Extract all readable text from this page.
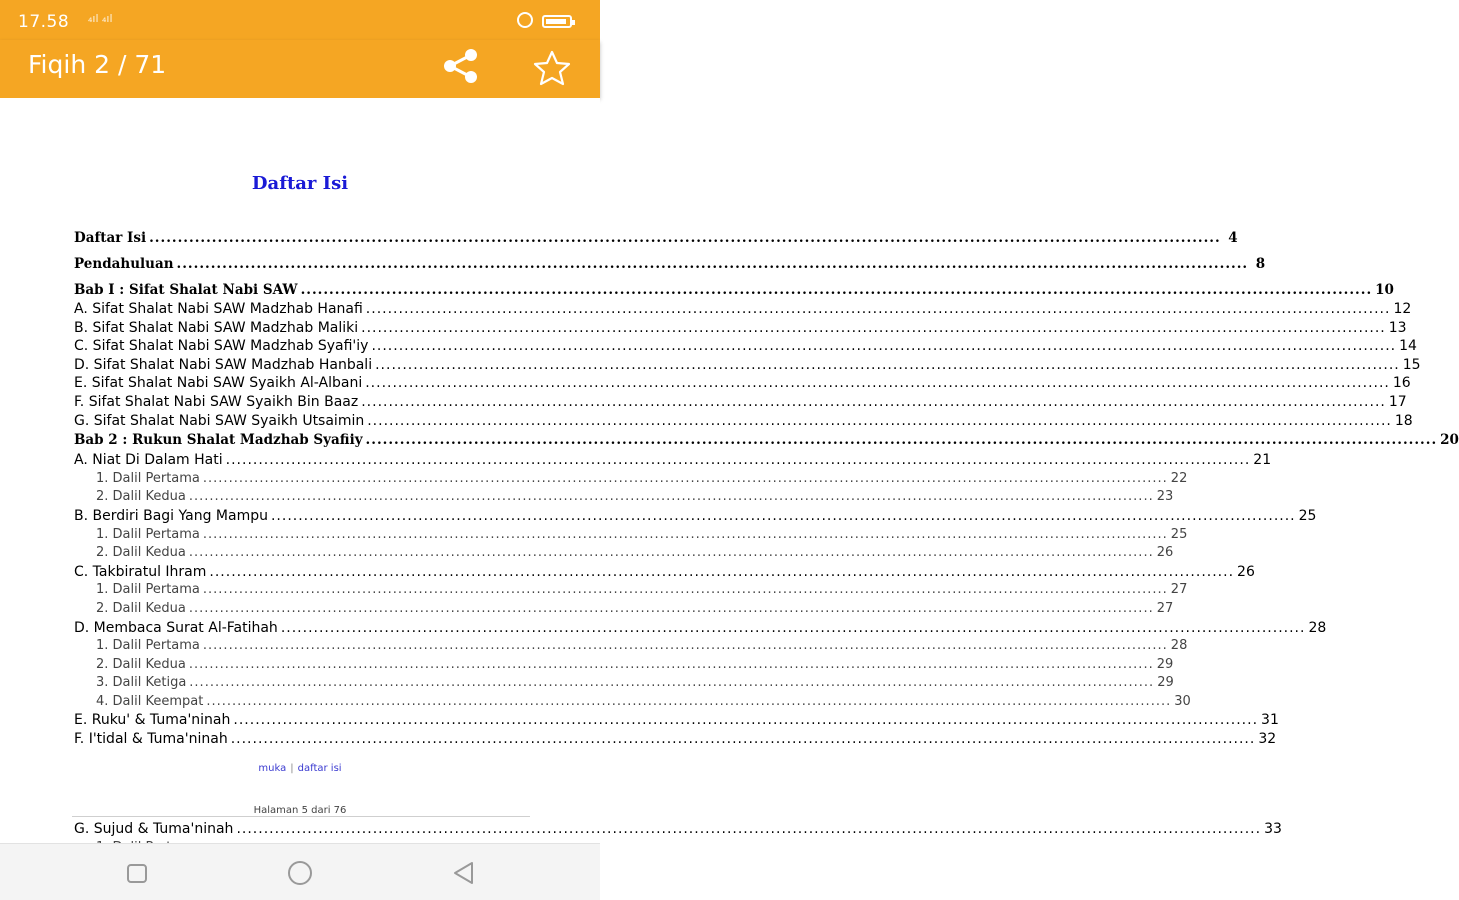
17.58 ₄ıl ₄ıl
Fiqih 2 / 71
Daftar Isi
Daftar Isi .....	4
Pendahuluan .....	8
Bab I : Sifat Shalat Nabi SAW .....	10
A. Sifat Shalat Nabi SAW Madzhab Hanafi .....	12
B. Sifat Shalat Nabi SAW Madzhab Maliki .....	13
C. Sifat Shalat Nabi SAW Madzhab Syafi'iy .....	14
D. Sifat Shalat Nabi SAW Madzhab Hanbali .....	15
E. Sifat Shalat Nabi SAW Syaikh Al-Albani .....	16
F. Sifat Shalat Nabi SAW Syaikh Bin Baaz .....	17
G. Sifat Shalat Nabi SAW Syaikh Utsaimin .....	18
Bab 2 : Rukun Shalat Madzhab Syafiiy .....	20
A. Niat Di Dalam Hati .....	21
1. Dalil Pertama .....	22
2. Dalil Kedua .....	23
B. Berdiri Bagi Yang Mampu .....	25
1. Dalil Pertama .....	25
2. Dalil Kedua .....	26
C. Takbiratul Ihram .....	26
1. Dalil Pertama .....	27
2. Dalil Kedua .....	27
D. Membaca Surat Al-Fatihah .....	28
1. Dalil Pertama .....	28
2. Dalil Kedua .....	29
3. Dalil Ketiga .....	29
4. Dalil Keempat .....	30
E. Ruku' & Tuma'ninah .....	31
F. I'tidal & Tuma'ninah .....	32
muka | daftar isi
Halaman 5 dari 76
G. Sujud & Tuma'ninah .....	33
